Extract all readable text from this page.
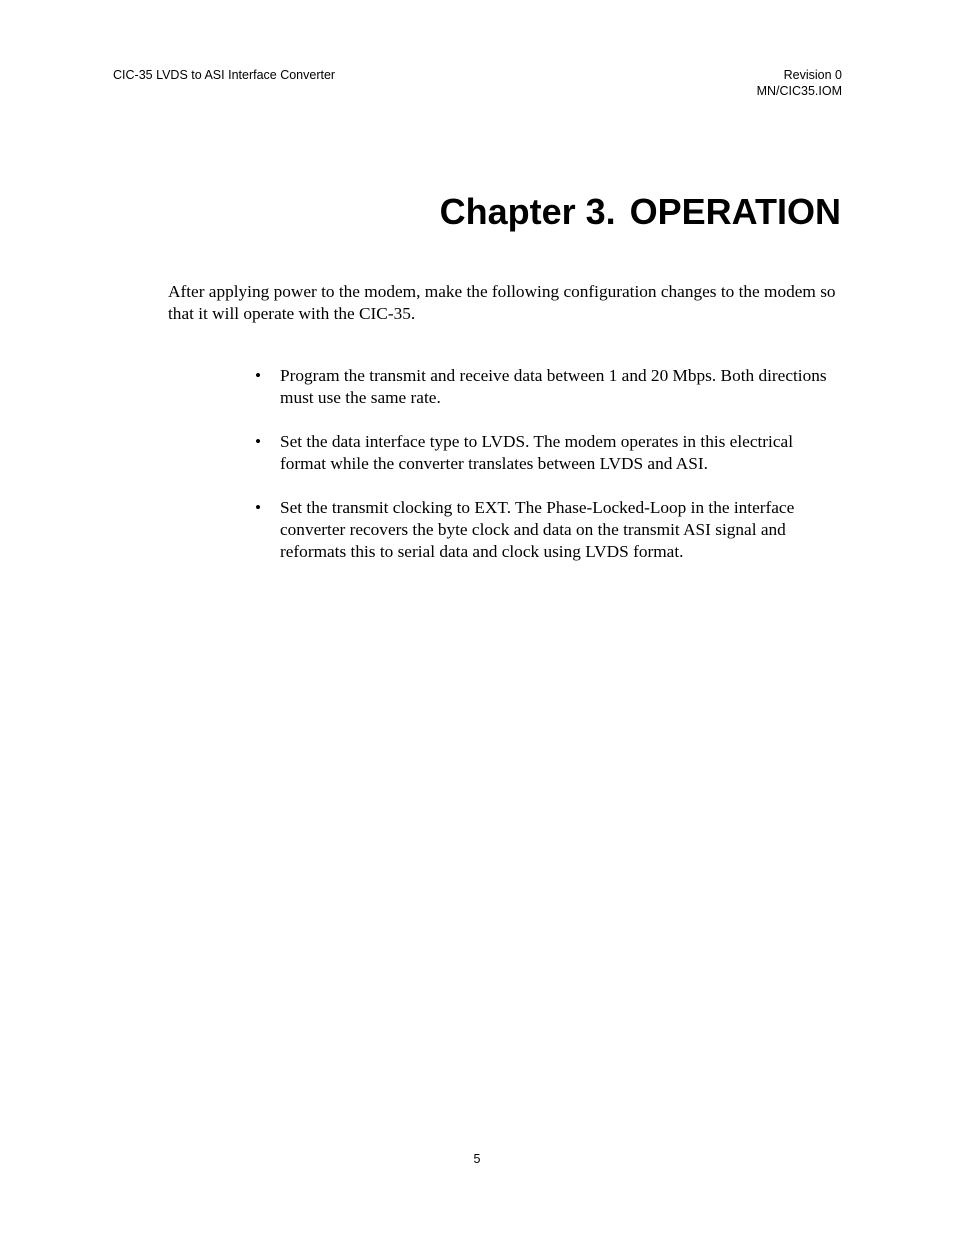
CIC-35 LVDS to ASI Interface Converter	Revision 0
MN/CIC35.IOM
Chapter 3. OPERATION

After applying power to the modem, make the following configuration changes to the modem so that it will operate with the CIC-35.

• Program the transmit and receive data between 1 and 20 Mbps. Both directions must use the same rate.
• Set the data interface type to LVDS. The modem operates in this electrical format while the converter translates between LVDS and ASI.
• Set the transmit clocking to EXT. The Phase-Locked-Loop in the interface converter recovers the byte clock and data on the transmit ASI signal and reformats this to serial data and clock using LVDS format.
5
